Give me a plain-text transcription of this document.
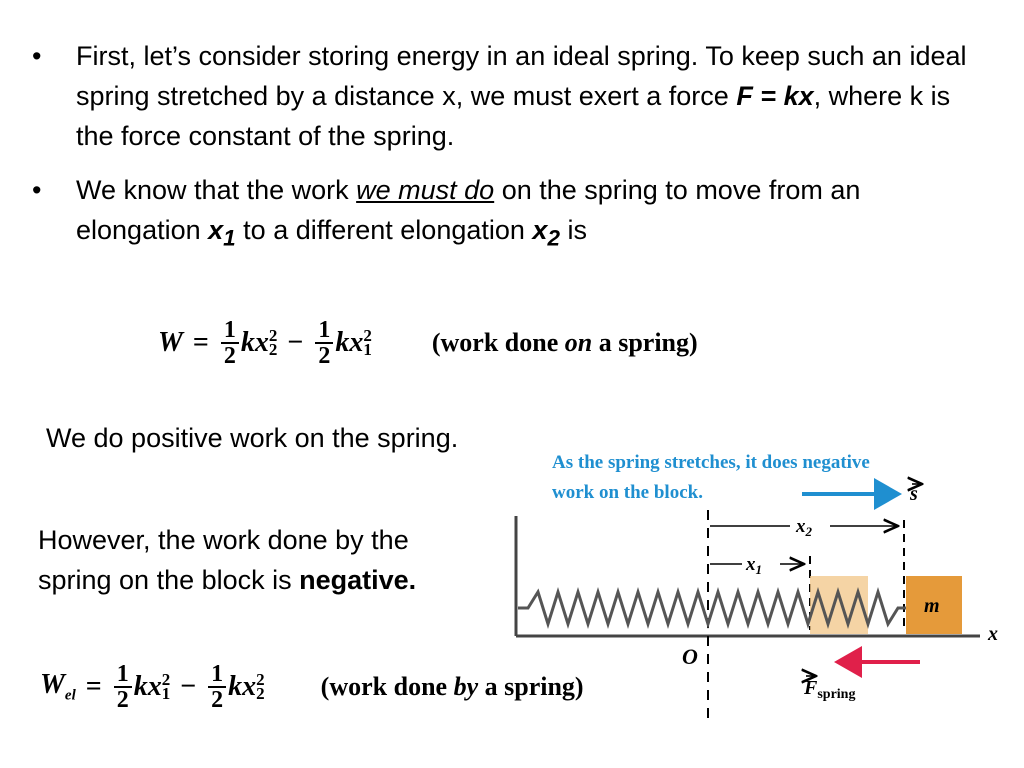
• First, let’s consider storing energy in an ideal spring. To keep such an ideal spring stretched by a distance x, we must exert a force F = kx, where k is the force constant of the spring.
• We know that the work we must do on the spring to move from an elongation $x_1$ to a different elongation $x_2$ is
$W = \frac{1}{2}$ kx 2
$2 - \frac{1}{2}$ kx 2
1 (work done on a spring)
We do positive work on the spring.
However, the work done by the spring on the block is negative.
$W_{el} = \frac{1}{2}$ kx 2
$1 - \frac{1}{2}$ kx 2
2 (work done by a spring)
As the spring stretches, it does negative
work on the block.	s
x
$x_2$
$x_1$
m
O
$F_{spring}$
